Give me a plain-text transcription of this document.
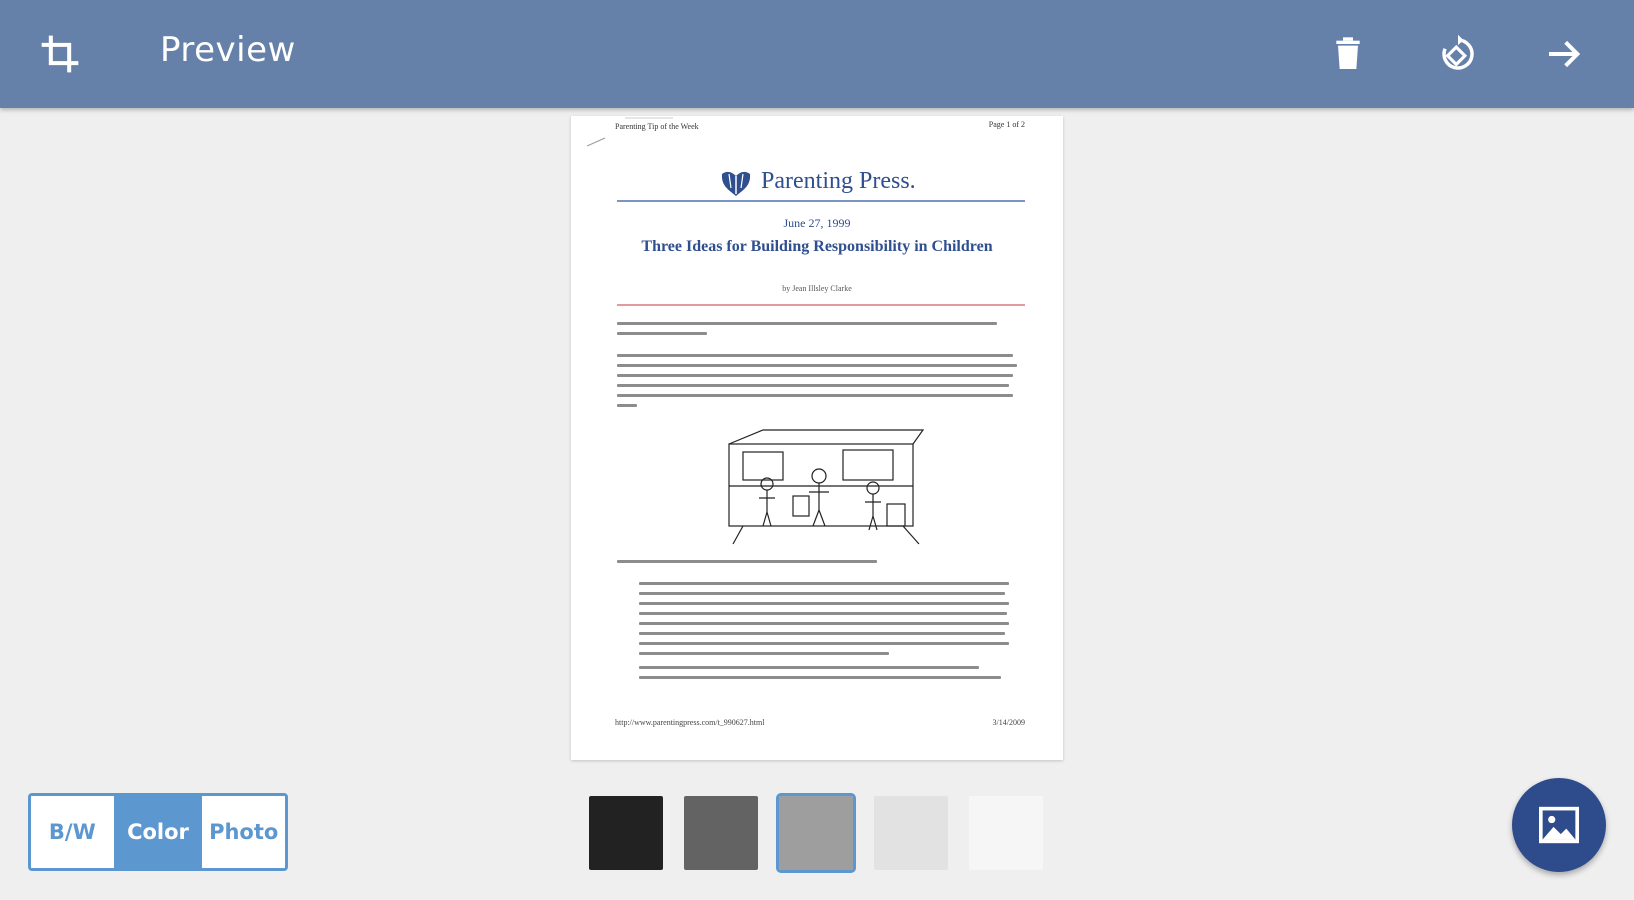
Preview
Parenting Tip of the Week	Page 1 of 2
Parenting Press.
June 27, 1999
Three Ideas for Building Responsibility in Children
by Jean Illsley Clarke
http://www.parentingpress.com/t_990627.html	3/14/2009
B/W	Color Photo
